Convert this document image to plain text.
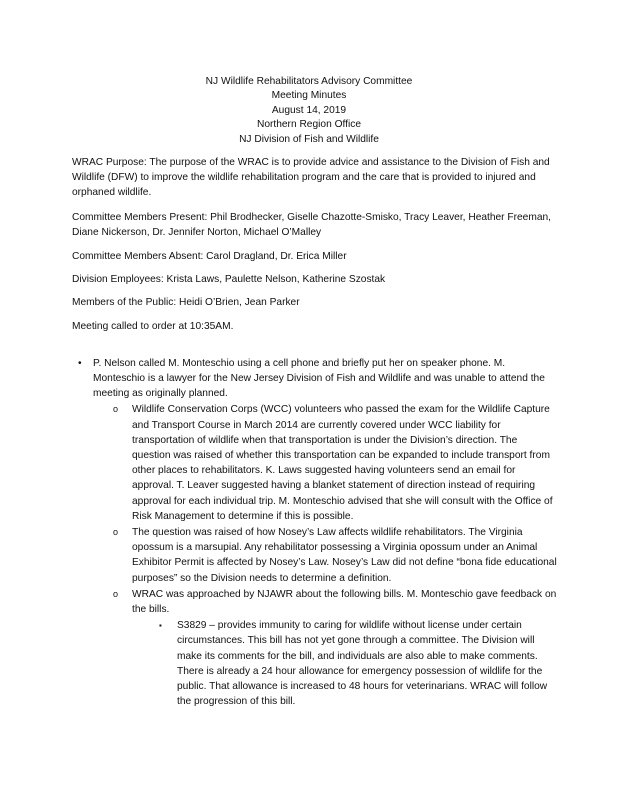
NJ Wildlife Rehabilitators Advisory Committee
Meeting Minutes
August 14, 2019
Northern Region Office
NJ Division of Fish and Wildlife

WRAC Purpose: The purpose of the WRAC is to provide advice and assistance to the Division of Fish and Wildlife (DFW) to improve the wildlife rehabilitation program and the care that is provided to injured and orphaned wildlife.

Committee Members Present: Phil Brodhecker, Giselle Chazotte-Smisko, Tracy Leaver, Heather Freeman, Diane Nickerson, Dr. Jennifer Norton, Michael O’Malley

Committee Members Absent: Carol Dragland, Dr. Erica Miller

Division Employees: Krista Laws, Paulette Nelson, Katherine Szostak

Members of the Public: Heidi O’Brien, Jean Parker

Meeting called to order at 10:35AM.

• P. Nelson called M. Monteschio using a cell phone and briefly put her on speaker phone. M. Monteschio is a lawyer for the New Jersey Division of Fish and Wildlife and was unable to attend the meeting as originally planned.
o Wildlife Conservation Corps (WCC) volunteers who passed the exam for the Wildlife Capture and Transport Course in March 2014 are currently covered under WCC liability for transportation of wildlife when that transportation is under the Division’s direction. The question was raised of whether this transportation can be expanded to include transport from other places to rehabilitators. K. Laws suggested having volunteers send an email for approval. T. Leaver suggested having a blanket statement of direction instead of requiring approval for each individual trip. M. Monteschio advised that she will consult with the Office of Risk Management to determine if this is possible.
o The question was raised of how Nosey’s Law affects wildlife rehabilitators. The Virginia opossum is a marsupial. Any rehabilitator possessing a Virginia opossum under an Animal Exhibitor Permit is affected by Nosey’s Law. Nosey’s Law did not define “bona fide educational purposes” so the Division needs to determine a definition.
o WRAC was approached by NJAWR about the following bills. M. Monteschio gave feedback on the bills.
▪ S3829 – provides immunity to caring for wildlife without license under certain circumstances. This bill has not yet gone through a committee. The Division will make its comments for the bill, and individuals are also able to make comments. There is already a 24 hour allowance for emergency possession of wildlife for the public. That allowance is increased to 48 hours for veterinarians. WRAC will follow the progression of this bill.
